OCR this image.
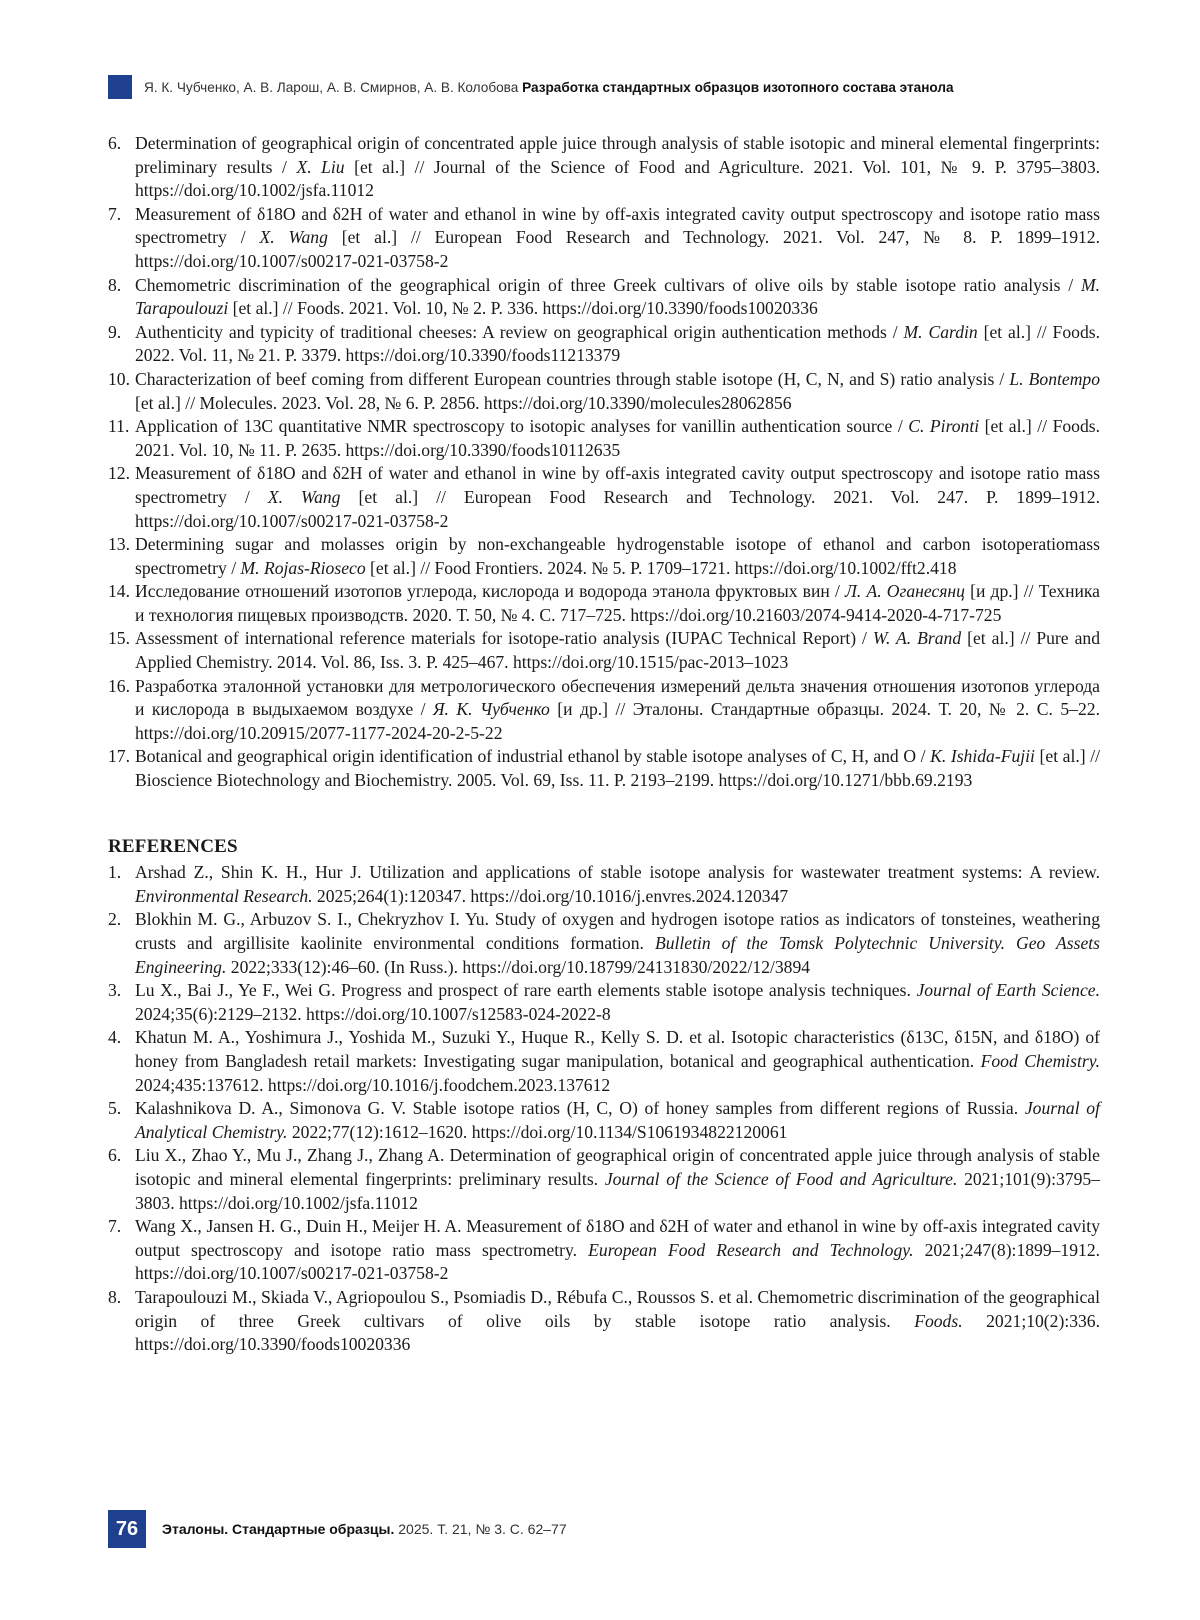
Я. К. Чубченко, А. В. Ларош, А. В. Смирнов, А. В. Колобова Разработка стандартных образцов изотопного состава этанола
6. Determination of geographical origin of concentrated apple juice through analysis of stable isotopic and mineral elemental fingerprints: preliminary results / X. Liu [et al.] // Journal of the Science of Food and Agriculture. 2021. Vol. 101, № 9. P. 3795–3803. https://doi.org/10.1002/jsfa.11012
7. Measurement of δ18O and δ2H of water and ethanol in wine by off-axis integrated cavity output spectroscopy and isotope ratio mass spectrometry / X. Wang [et al.] // European Food Research and Technology. 2021. Vol. 247, № 8. P. 1899–1912. https://doi.org/10.1007/s00217-021-03758-2
8. Chemometric discrimination of the geographical origin of three Greek cultivars of olive oils by stable isotope ratio analysis / M. Tarapoulouzi [et al.] // Foods. 2021. Vol. 10, № 2. P. 336. https://doi.org/10.3390/foods10020336
9. Authenticity and typicity of traditional cheeses: A review on geographical origin authentication methods / M. Cardin [et al.] // Foods. 2022. Vol. 11, № 21. P. 3379. https://doi.org/10.3390/foods11213379
10. Characterization of beef coming from different European countries through stable isotope (H, C, N, and S) ratio analysis / L. Bontempo [et al.] // Molecules. 2023. Vol. 28, № 6. P. 2856. https://doi.org/10.3390/molecules28062856
11. Application of 13C quantitative NMR spectroscopy to isotopic analyses for vanillin authentication source / C. Pironti [et al.] // Foods. 2021. Vol. 10, № 11. P. 2635. https://doi.org/10.3390/foods10112635
12. Measurement of δ18O and δ2H of water and ethanol in wine by off-axis integrated cavity output spectroscopy and isotope ratio mass spectrometry / X. Wang [et al.] // European Food Research and Technology. 2021. Vol. 247. P. 1899–1912. https://doi.org/10.1007/s00217-021-03758-2
13. Determining sugar and molasses origin by non-exchangeable hydrogenstable isotope of ethanol and carbon isotoperatiomass spectrometry / M. Rojas-Rioseco [et al.] // Food Frontiers. 2024. № 5. P. 1709–1721. https://doi.org/10.1002/fft2.418
14. Исследование отношений изотопов углерода, кислорода и водорода этанола фруктовых вин / Л. А. Оганесянц [и др.] // Техника и технология пищевых производств. 2020. Т. 50, № 4. С. 717–725. https://doi.org/10.21603/2074-9414-2020-4-717-725
15. Assessment of international reference materials for isotope-ratio analysis (IUPAC Technical Report) / W. A. Brand [et al.] // Pure and Applied Chemistry. 2014. Vol. 86, Iss. 3. P. 425–467. https://doi.org/10.1515/pac-2013–1023
16. Разработка эталонной установки для метрологического обеспечения измерений дельта значения отношения изотопов углерода и кислорода в выдыхаемом воздухе / Я. К. Чубченко [и др.] // Эталоны. Стандартные образцы. 2024. Т. 20, № 2. С. 5–22. https://doi.org/10.20915/2077-1177-2024-20-2-5-22
17. Botanical and geographical origin identification of industrial ethanol by stable isotope analyses of C, H, and O / K. Ishida-Fujii [et al.] // Bioscience Biotechnology and Biochemistry. 2005. Vol. 69, Iss. 11. P. 2193–2199. https://doi.org/10.1271/bbb.69.2193
REFERENCES
1. Arshad Z., Shin K. H., Hur J. Utilization and applications of stable isotope analysis for wastewater treatment systems: A review. Environmental Research. 2025;264(1):120347. https://doi.org/10.1016/j.envres.2024.120347
2. Blokhin M. G., Arbuzov S. I., Chekryzhov I. Yu. Study of oxygen and hydrogen isotope ratios as indicators of tonsteines, weathering crusts and argillisite kaolinite environmental conditions formation. Bulletin of the Tomsk Polytechnic University. Geo Assets Engineering. 2022;333(12):46–60. (In Russ.). https://doi.org/10.18799/24131830/2022/12/3894
3. Lu X., Bai J., Ye F., Wei G. Progress and prospect of rare earth elements stable isotope analysis techniques. Journal of Earth Science. 2024;35(6):2129–2132. https://doi.org/10.1007/s12583-024-2022-8
4. Khatun M. A., Yoshimura J., Yoshida M., Suzuki Y., Huque R., Kelly S. D. et al. Isotopic characteristics (δ13C, δ15N, and δ18O) of honey from Bangladesh retail markets: Investigating sugar manipulation, botanical and geographical authentication. Food Chemistry. 2024;435:137612. https://doi.org/10.1016/j.foodchem.2023.137612
5. Kalashnikova D. A., Simonova G. V. Stable isotope ratios (H, C, O) of honey samples from different regions of Russia. Journal of Analytical Chemistry. 2022;77(12):1612–1620. https://doi.org/10.1134/S1061934822120061
6. Liu X., Zhao Y., Mu J., Zhang J., Zhang A. Determination of geographical origin of concentrated apple juice through analysis of stable isotopic and mineral elemental fingerprints: preliminary results. Journal of the Science of Food and Agriculture. 2021;101(9):3795–3803. https://doi.org/10.1002/jsfa.11012
7. Wang X., Jansen H. G., Duin H., Meijer H. A. Measurement of δ18O and δ2H of water and ethanol in wine by off-axis integrated cavity output spectroscopy and isotope ratio mass spectrometry. European Food Research and Technology. 2021;247(8):1899–1912. https://doi.org/10.1007/s00217-021-03758-2
8. Tarapoulouzi M., Skiada V., Agriopoulou S., Psomiadis D., Rébufa C., Roussos S. et al. Chemometric discrimination of the geographical origin of three Greek cultivars of olive oils by stable isotope ratio analysis. Foods. 2021;10(2):336. https://doi.org/10.3390/foods10020336
76	Эталоны. Стандартные образцы. 2025. Т. 21, № 3. С. 62–77
